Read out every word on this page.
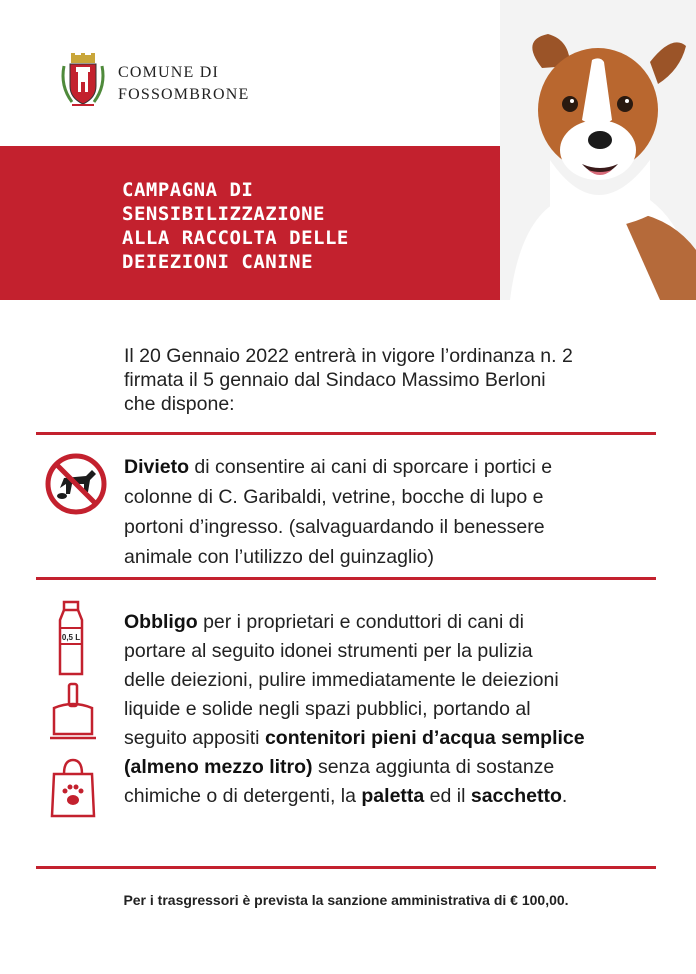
COMUNE DI
FOSSOMBRONE
CAMPAGNA DI
SENSIBILIZZAZIONE
ALLA RACCOLTA DELLE
DEIEZIONI CANINE
Il 20 Gennaio 2022 entrerà in vigore l’ordinanza n. 2
firmata il 5 gennaio dal Sindaco Massimo Berloni
che dispone:
Divieto di consentire ai cani di sporcare i portici e
colonne di C. Garibaldi, vetrine, bocche di lupo e
portoni d’ingresso. (salvaguardando il benessere
animale con l’utilizzo del guinzaglio)
0,5 L
Obbligo per i proprietari e conduttori di cani di
portare al seguito idonei strumenti per la pulizia
delle deiezioni, pulire immediatamente le deiezioni
liquide e solide negli spazi pubblici, portando al
seguito appositi contenitori pieni d’acqua semplice
(almeno mezzo litro) senza aggiunta di sostanze
chimiche o di detergenti, la paletta ed il sacchetto.
Per i trasgressori è prevista la sanzione amministrativa di € 100,00.
